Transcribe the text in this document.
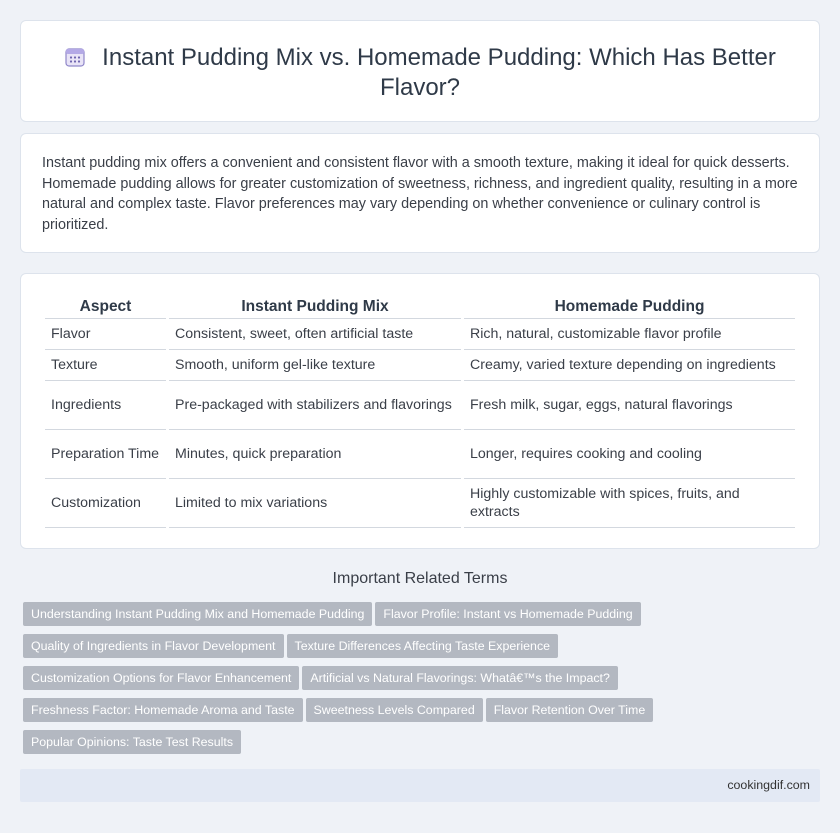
Instant Pudding Mix vs. Homemade Pudding: Which Has Better Flavor?
Instant pudding mix offers a convenient and consistent flavor with a smooth texture, making it ideal for quick desserts. Homemade pudding allows for greater customization of sweetness, richness, and ingredient quality, resulting in a more natural and complex taste. Flavor preferences may vary depending on whether convenience or culinary control is prioritized.
Aspect	Instant Pudding Mix	Homemade Pudding
Flavor	Consistent, sweet, often artificial taste	Rich, natural, customizable flavor profile
Texture	Smooth, uniform gel-like texture	Creamy, varied texture depending on ingredients
Ingredients	Pre-packaged with stabilizers and flavorings	Fresh milk, sugar, eggs, natural flavorings
Preparation Time	Minutes, quick preparation	Longer, requires cooking and cooling
Customization	Limited to mix variations	Highly customizable with spices, fruits, and extracts
Important Related Terms
Understanding Instant Pudding Mix and Homemade Pudding Flavor Profile: Instant vs Homemade Pudding
Quality of Ingredients in Flavor Development Texture Differences Affecting Taste Experience
Customization Options for Flavor Enhancement Artificial vs Natural Flavorings: Whatâ€™s the Impact?
Freshness Factor: Homemade Aroma and Taste Sweetness Levels Compared Flavor Retention Over Time
Popular Opinions: Taste Test Results
cookingdif.com
